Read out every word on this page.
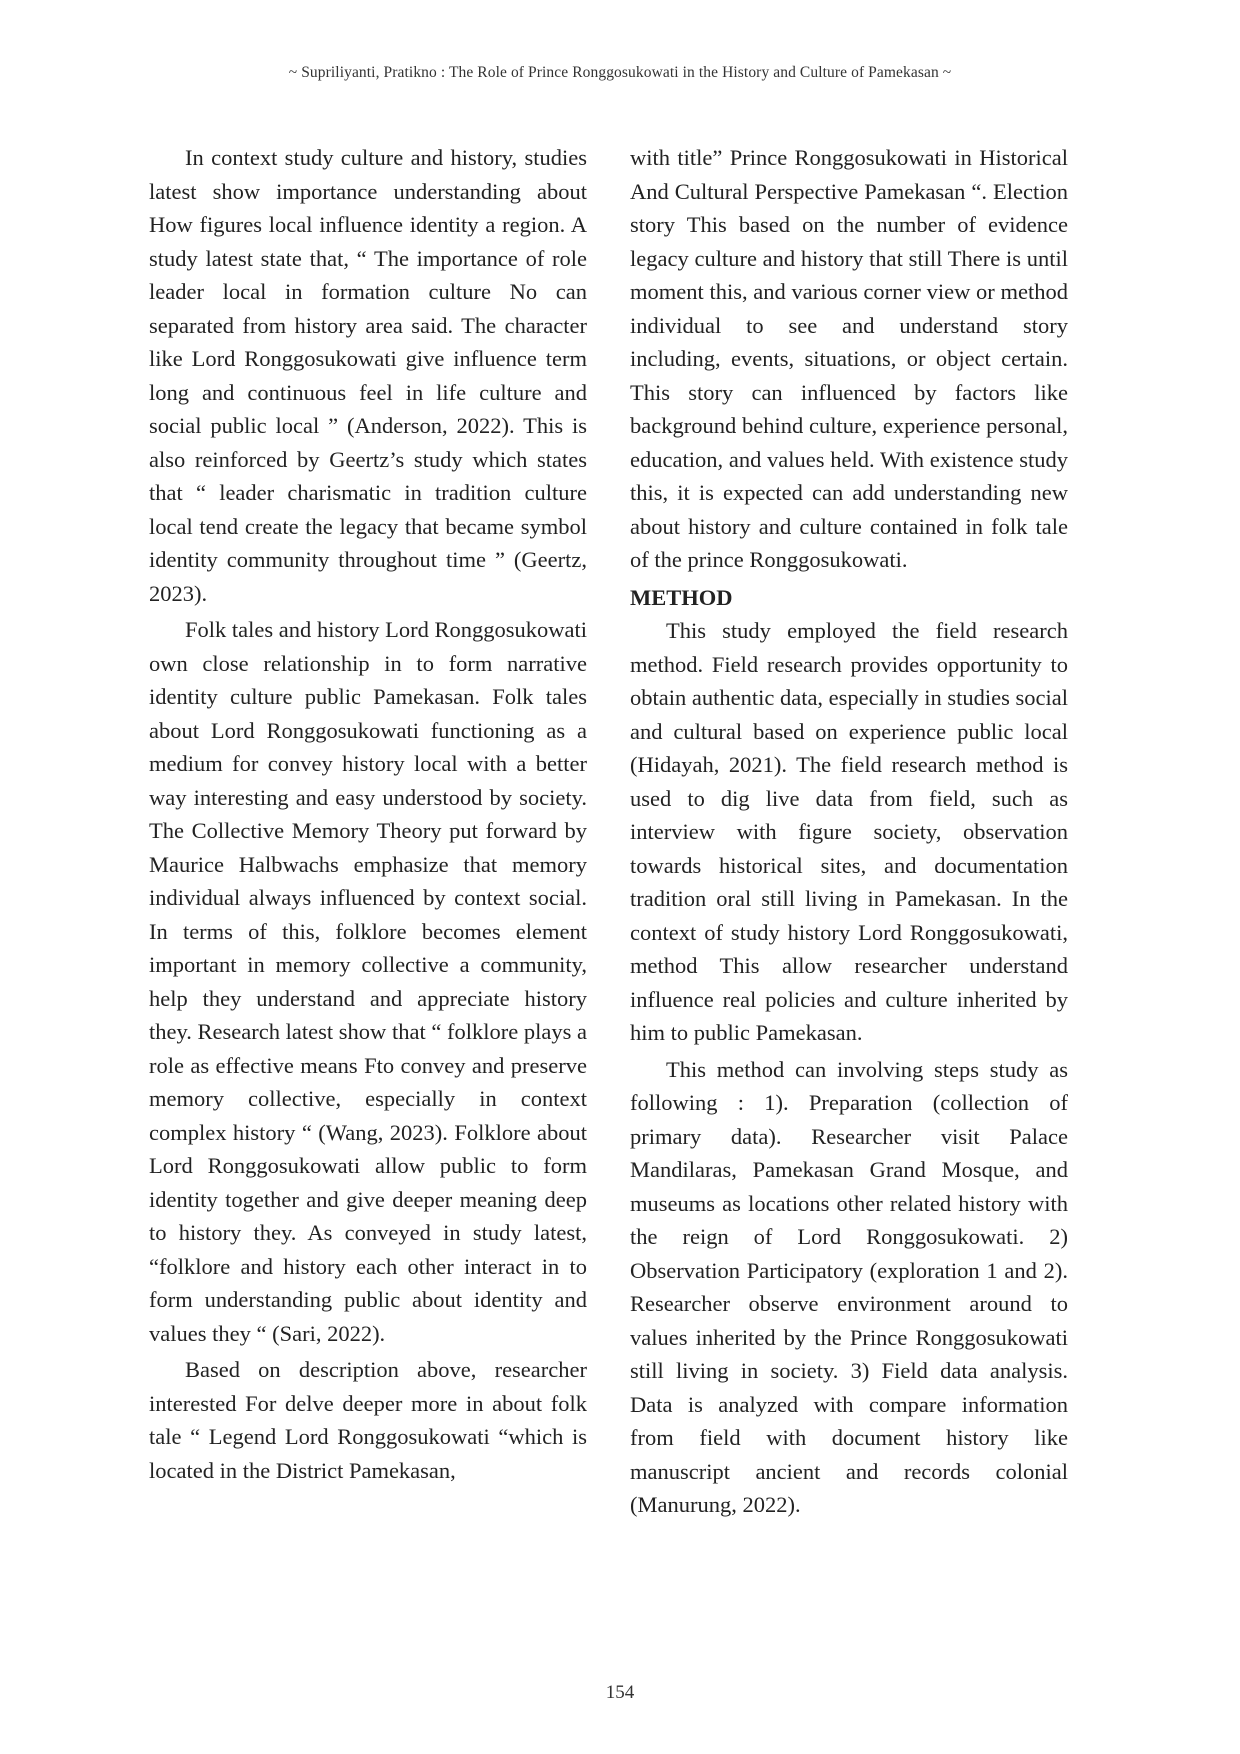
~ Supriliyanti, Pratikno : The Role of Prince Ronggosukowati in the History and Culture of Pamekasan ~

In context study culture and history, studies latest show importance understanding about How figures local influence identity a region. A study latest state that, “ The importance of role leader local in formation culture No can separated from history area said. The character like Lord Ronggosukowati give influence term long and continuous feel in life culture and social public local ” (Anderson, 2022). This is also reinforced by Geertz’s study which states that “ leader charismatic in tradition culture local tend create the legacy that became symbol identity community throughout time ” (Geertz, 2023).

Folk tales and history Lord Ronggosukowati own close relationship in to form narrative identity culture public Pamekasan. Folk tales about Lord Ronggosukowati functioning as a medium for convey history local with a better way interesting and easy understood by society. The Collective Memory Theory put forward by Maurice Halbwachs emphasize that memory individual always influenced by context social. In terms of this, folklore becomes element important in memory collective a community, help they understand and appreciate history they. Research latest show that “ folklore plays a role as effective means Fto convey and preserve memory collective, especially in context complex history “ (Wang, 2023). Folklore about Lord Ronggosukowati allow public to form identity together and give deeper meaning deep to history they. As conveyed in study latest, “folklore and history each other interact in to form understanding public about identity and values they “ (Sari, 2022).

Based on description above, researcher interested For delve deeper more in about folk tale “ Legend Lord Ronggosukowati “which is located in the District Pamekasan,

with title” Prince Ronggosukowati in Historical And Cultural Perspective Pamekasan “. Election story This based on the number of evidence legacy culture and history that still There is until moment this, and various corner view or method individual to see and understand story including, events, situations, or object certain. This story can influenced by factors like background behind culture, experience personal, education, and values held. With existence study this, it is expected can add understanding new about history and culture contained in folk tale of the prince Ronggosukowati.

METHOD

This study employed the field research method. Field research provides opportunity to obtain authentic data, especially in studies social and cultural based on experience public local (Hidayah, 2021). The field research method is used to dig live data from field, such as interview with figure society, observation towards historical sites, and documentation tradition oral still living in Pamekasan. In the context of study history Lord Ronggosukowati, method This allow researcher understand influence real policies and culture inherited by him to public Pamekasan.

This method can involving steps study as following : 1). Preparation (collection of primary data). Researcher visit Palace Mandilaras, Pamekasan Grand Mosque, and museums as locations other related history with the reign of Lord Ronggosukowati. 2) Observation Participatory (exploration 1 and 2). Researcher observe environment around to values inherited by the Prince Ronggosukowati still living in society. 3) Field data analysis. Data is analyzed with compare information from field with document history like manuscript ancient and records colonial (Manurung, 2022).

154
